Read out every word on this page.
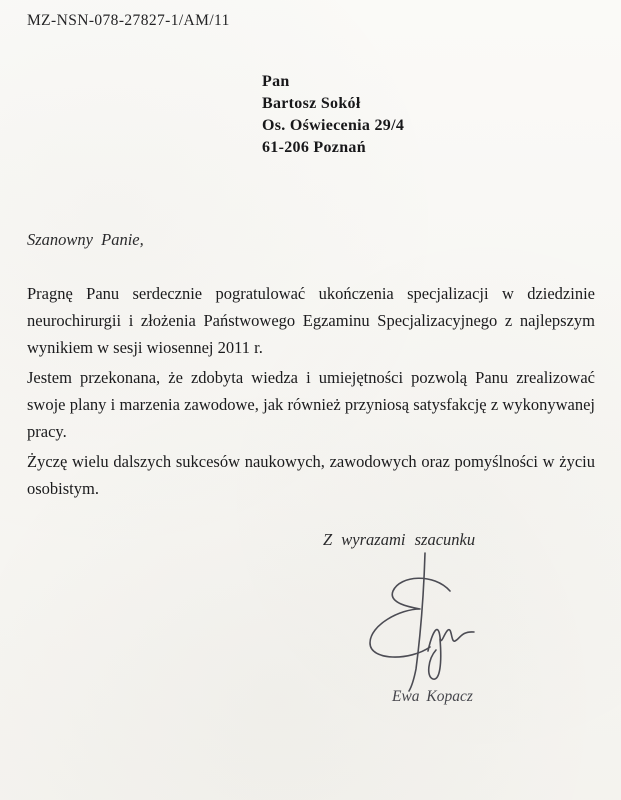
MZ-NSN-078-27827-1/AM/11
Pan
Bartosz Sokół
Os. Oświecenia 29/4
61-206 Poznań
Szanowny Panie,

Pragnę Panu serdecznie pogratulować ukończenia specjalizacji w dziedzinie neurochirurgii i złożenia Państwowego Egzaminu Specjalizacyjnego z najlepszym wynikiem w sesji wiosennej 2011 r.

Jestem przekonana, że zdobyta wiedza i umiejętności pozwolą Panu zrealizować swoje plany i marzenia zawodowe, jak również przyniosą satysfakcję z wykonywanej pracy.

Życzę wielu dalszych sukcesów naukowych, zawodowych oraz pomyślności w życiu osobistym.

Z wyrazami szacunku
Ewa Kopacz
